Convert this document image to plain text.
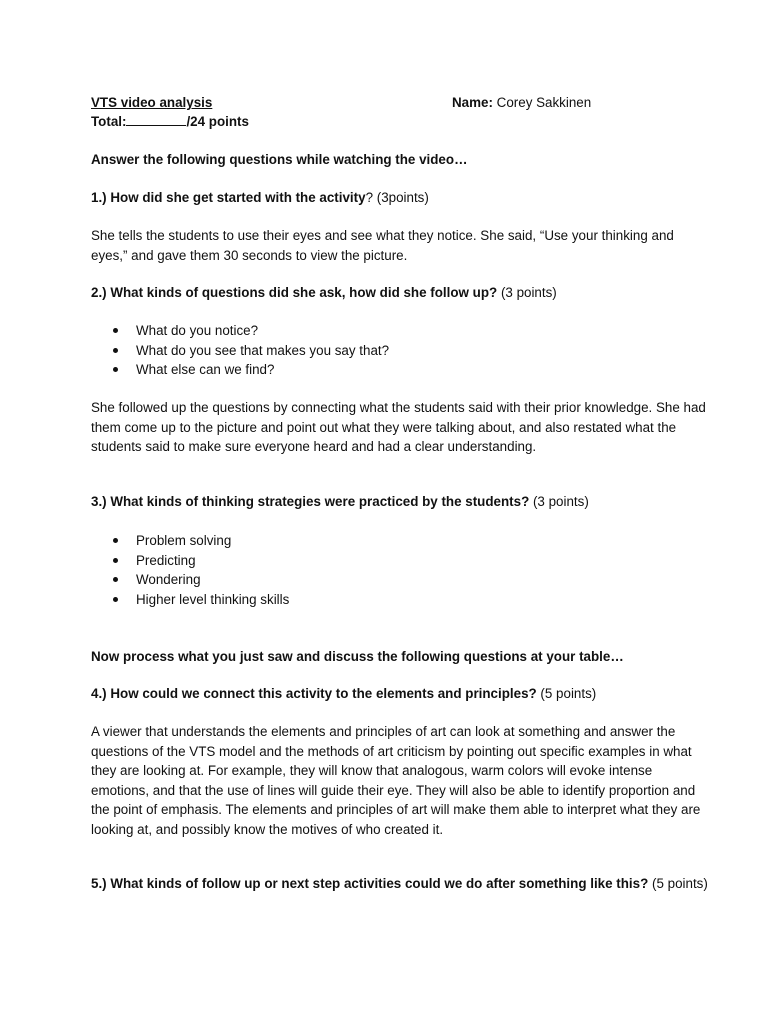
VTS video analysis	Name: Corey Sakkinen

Total:	/24 points

Answer the following questions while watching the video…

1.) How did she get started with the activity? (3points)

She tells the students to use their eyes and see what they notice. She said, “Use your thinking and eyes,” and gave them 30 seconds to view the picture.

2.) What kinds of questions did she ask, how did she follow up? (3 points)

What do you notice?
What do you see that makes you say that?
What else can we find?

She followed up the questions by connecting what the students said with their prior knowledge. She had them come up to the picture and point out what they were talking about, and also restated what the students said to make sure everyone heard and had a clear understanding.

3.) What kinds of thinking strategies were practiced by the students? (3 points)

Problem solving
Predicting
Wondering
Higher level thinking skills

Now process what you just saw and discuss the following questions at your table…

4.) How could we connect this activity to the elements and principles? (5 points)

A viewer that understands the elements and principles of art can look at something and answer the questions of the VTS model and the methods of art criticism by pointing out specific examples in what they are looking at. For example, they will know that analogous, warm colors will evoke intense emotions, and that the use of lines will guide their eye. They will also be able to identify proportion and the point of emphasis. The elements and principles of art will make them able to interpret what they are looking at, and possibly know the motives of who created it.

5.) What kinds of follow up or next step activities could we do after something like this? (5 points)
